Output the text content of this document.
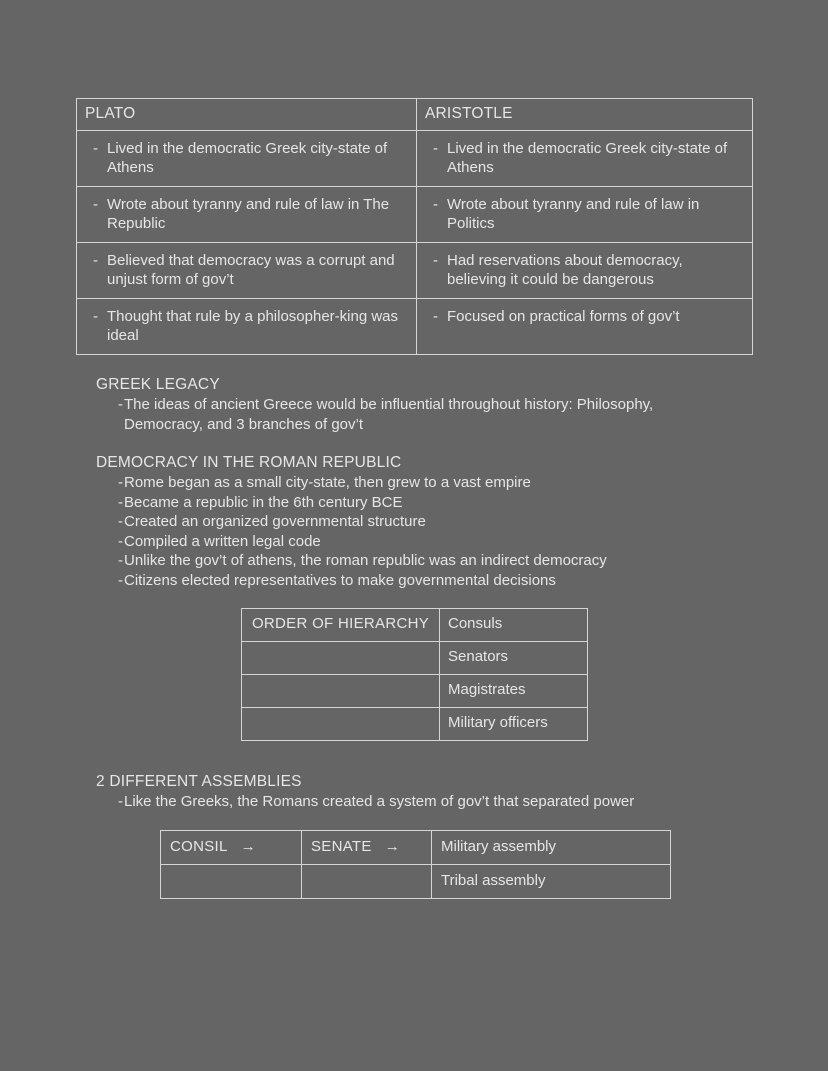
PLATO	ARISTOTLE

- Lived in the democratic Greek city-state of Athens	- Lived in the democratic Greek city-state of Athens

- Wrote about tyranny and rule of law in The Republic	- Wrote about tyranny and rule of law in Politics

- Believed that democracy was a corrupt and unjust form of gov’t	- Had reservations about democracy, believing it could be dangerous

- Thought that rule by a philosopher-king was ideal	- Focused on practical forms of gov’t

GREEK LEGACY

- The ideas of ancient Greece would be influential throughout history: Philosophy, Democracy, and 3 branches of gov’t

DEMOCRACY IN THE ROMAN REPUBLIC

- Rome began as a small city-state, then grew to a vast empire
- Became a republic in the 6th century BCE
- Created an organized governmental structure
- Compiled a written legal code
- Unlike the gov’t of athens, the roman republic was an indirect democracy
- Citizens elected representatives to make governmental decisions
ORDER OF HIERARCHY	Consuls
	Senators
	Magistrates
	Military officers

2 DIFFERENT ASSEMBLIES

- Like the Greeks, the Romans created a system of gov’t that separated power
CONSIL →	SENATE →	Military assembly
		Tribal assembly
